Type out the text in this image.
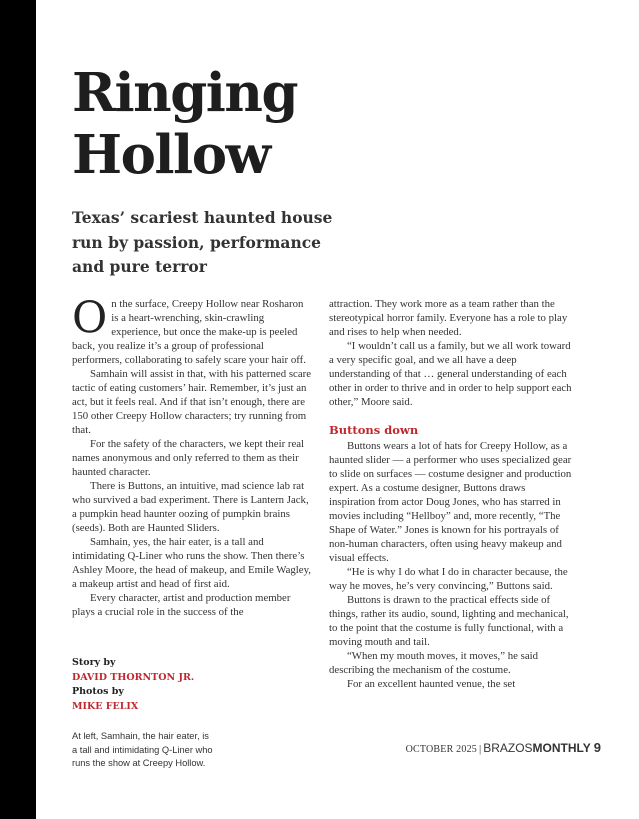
Ringing
Hollow
Texas’ scariest haunted house
run by passion, performance
and pure terror

On the surface, Creepy Hollow near Rosharon is a heart-wrenching, skin-crawling experience, but once the make-up is peeled back, you realize it’s a group of professional performers, collaborating to safely scare your hair off.

Samhain will assist in that, with his patterned scare tactic of eating customers’ hair. Remember, it’s just an act, but it feels real. And if that isn’t enough, there are 150 other Creepy Hollow characters; try running from that.

For the safety of the characters, we kept their real names anonymous and only referred to them as their haunted character.

There is Buttons, an intuitive, mad science lab rat who survived a bad experiment. There is Lantern Jack, a pumpkin head haunter oozing of pumpkin brains (seeds). Both are Haunted Sliders.

Samhain, yes, the hair eater, is a tall and intimidating Q-Liner who runs the show. Then there’s Ashley Moore, the head of makeup, and Emile Wagley, a makeup artist and head of first aid.

Every character, artist and production member plays a crucial role in the success of the

attraction. They work more as a team rather than the stereotypical horror family. Everyone has a role to play and rises to help when needed.

“I wouldn’t call us a family, but we all work toward a very specific goal, and we all have a deep understanding of that … general understanding of each other in order to thrive and in order to help support each other,” Moore said.

Buttons down

Buttons wears a lot of hats for Creepy Hollow, as a haunted slider — a performer who uses specialized gear to slide on surfaces — costume designer and production expert. As a costume designer, Buttons draws inspiration from actor Doug Jones, who has starred in movies including “Hellboy” and, more recently, “The Shape of Water.” Jones is known for his portrayals of non-human characters, often using heavy makeup and visual effects.

“He is why I do what I do in character because, the way he moves, he’s very convincing,” Buttons said.

Buttons is drawn to the practical effects side of things, rather its audio, sound, lighting and mechanical, to the point that the costume is fully functional, with a moving mouth and tail.

“When my mouth moves, it moves,” he said describing the mechanism of the costume.

For an excellent haunted venue, the set

Story by
DAVID THORNTON JR.
Photos by
MIKE FELIX
At left, Samhain, the hair eater, is
a tall and intimidating Q-Liner who
runs the show at Creepy Hollow.
OCTOBER 2025 | BRAZOSMONTHLY 9
